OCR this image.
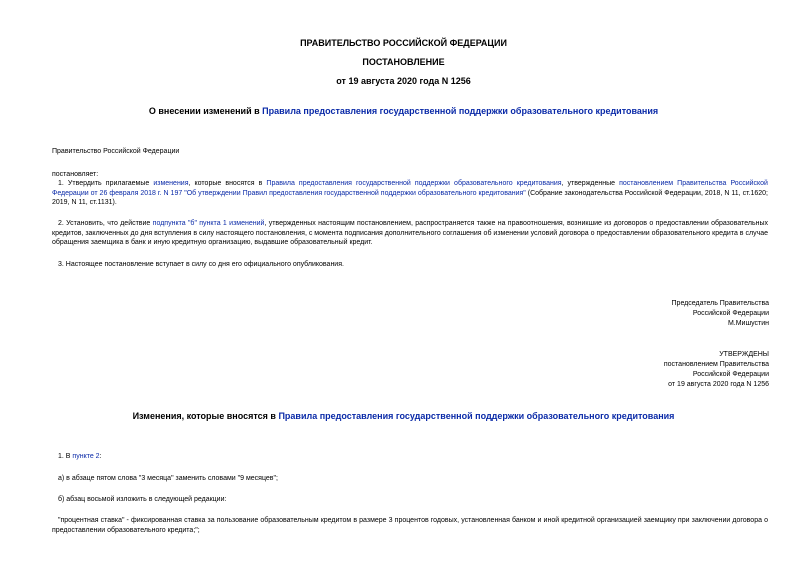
ПРАВИТЕЛЬСТВО РОССИЙСКОЙ ФЕДЕРАЦИИ
ПОСТАНОВЛЕНИЕ
от 19 августа 2020 года N 1256
О внесении изменений в Правила предоставления государственной поддержки образовательного кредитования
Правительство Российской Федерации
постановляет:
1. Утвердить прилагаемые изменения, которые вносятся в Правила предоставления государственной поддержки образовательного кредитования, утвержденные постановлением Правительства Российской Федерации от 26 февраля 2018 г. N 197 "Об утверждении Правил предоставления государственной поддержки образовательного кредитования" (Собрание законодательства Российской Федерации, 2018, N 11, ст.1620; 2019, N 11, ст.1131).
2. Установить, что действие подпункта "б" пункта 1 изменений, утвержденных настоящим постановлением, распространяется также на правоотношения, возникшие из договоров о предоставлении образовательных кредитов, заключенных до дня вступления в силу настоящего постановления, с момента подписания дополнительного соглашения об изменении условий договора о предоставлении образовательного кредита в случае обращения заемщика в банк и иную кредитную организацию, выдавшие образовательный кредит.
3. Настоящее постановление вступает в силу со дня его официального опубликования.
Председатель Правительства
Российской Федерации
М.Мишустин
УТВЕРЖДЕНЫ
постановлением Правительства
Российской Федерации
от 19 августа 2020 года N 1256
Изменения, которые вносятся в Правила предоставления государственной поддержки образовательного кредитования
1. В пункте 2:
а) в абзаце пятом слова "3 месяца" заменить словами "9 месяцев";
б) абзац восьмой изложить в следующей редакции:
"процентная ставка" - фиксированная ставка за пользование образовательным кредитом в размере 3 процентов годовых, установленная банком и иной кредитной организацией заемщику при заключении договора о предоставлении образовательного кредита;";
